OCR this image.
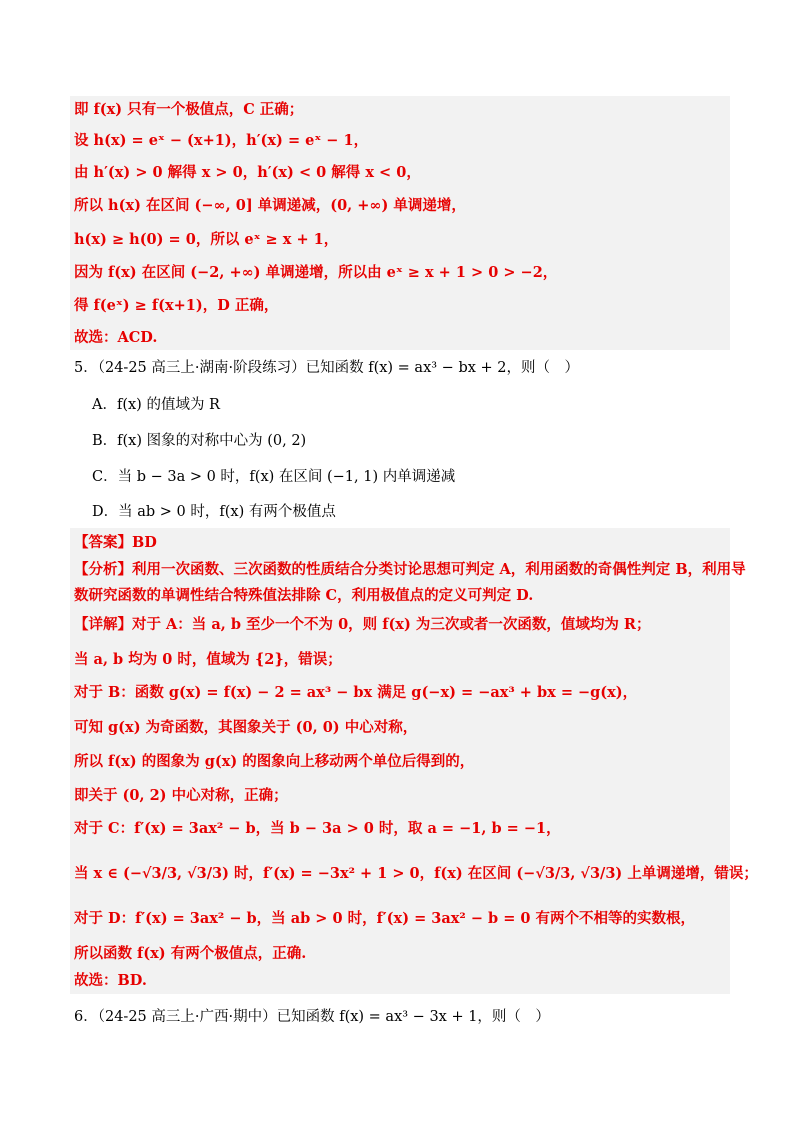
即 f(x) 只有一个极值点，C 正确；
设 h(x) = eˣ − (x+1)，h′(x) = eˣ − 1，
由 h′(x) > 0 解得 x > 0，h′(x) < 0 解得 x < 0，
所以 h(x) 在区间 (−∞, 0] 单调递减，(0, +∞) 单调递增，
h(x) ≥ h(0) = 0，所以 eˣ ≥ x + 1，
因为 f(x) 在区间 (−2, +∞) 单调递增，所以由 eˣ ≥ x + 1 > 0 > −2，
得 f(eˣ) ≥ f(x+1)，D 正确，
故选：ACD.
5．（24-25 高三上·湖南·阶段练习）已知函数 f(x) = ax³ − bx + 2，则（　）
A．f(x) 的值域为 R
B．f(x) 图象的对称中心为 (0, 2)
C．当 b − 3a > 0 时，f(x) 在区间 (−1, 1) 内单调递减
D．当 ab > 0 时，f(x) 有两个极值点
【答案】BD
【分析】利用一次函数、三次函数的性质结合分类讨论思想可判定 A，利用函数的奇偶性判定 B，利用导
数研究函数的单调性结合特殊值法排除 C，利用极值点的定义可判定 D.
【详解】对于 A：当 a, b 至少一个不为 0，则 f(x) 为三次或者一次函数，值域均为 R；
当 a, b 均为 0 时，值域为 {2}，错误；
对于 B：函数 g(x) = f(x) − 2 = ax³ − bx 满足 g(−x) = −ax³ + bx = −g(x)，
可知 g(x) 为奇函数，其图象关于 (0, 0) 中心对称，
所以 f(x) 的图象为 g(x) 的图象向上移动两个单位后得到的，
即关于 (0, 2) 中心对称，正确；
对于 C：f′(x) = 3ax² − b，当 b − 3a > 0 时，取 a = −1, b = −1，
当 x ∈ (−√3/3, √3/3) 时，f′(x) = −3x² + 1 > 0，f(x) 在区间 (−√3/3, √3/3) 上单调递增，错误；
对于 D：f′(x) = 3ax² − b，当 ab > 0 时，f′(x) = 3ax² − b = 0 有两个不相等的实数根，
所以函数 f(x) 有两个极值点，正确.
故选：BD.
6．（24-25 高三上·广西·期中）已知函数 f(x) = ax³ − 3x + 1，则（　）
